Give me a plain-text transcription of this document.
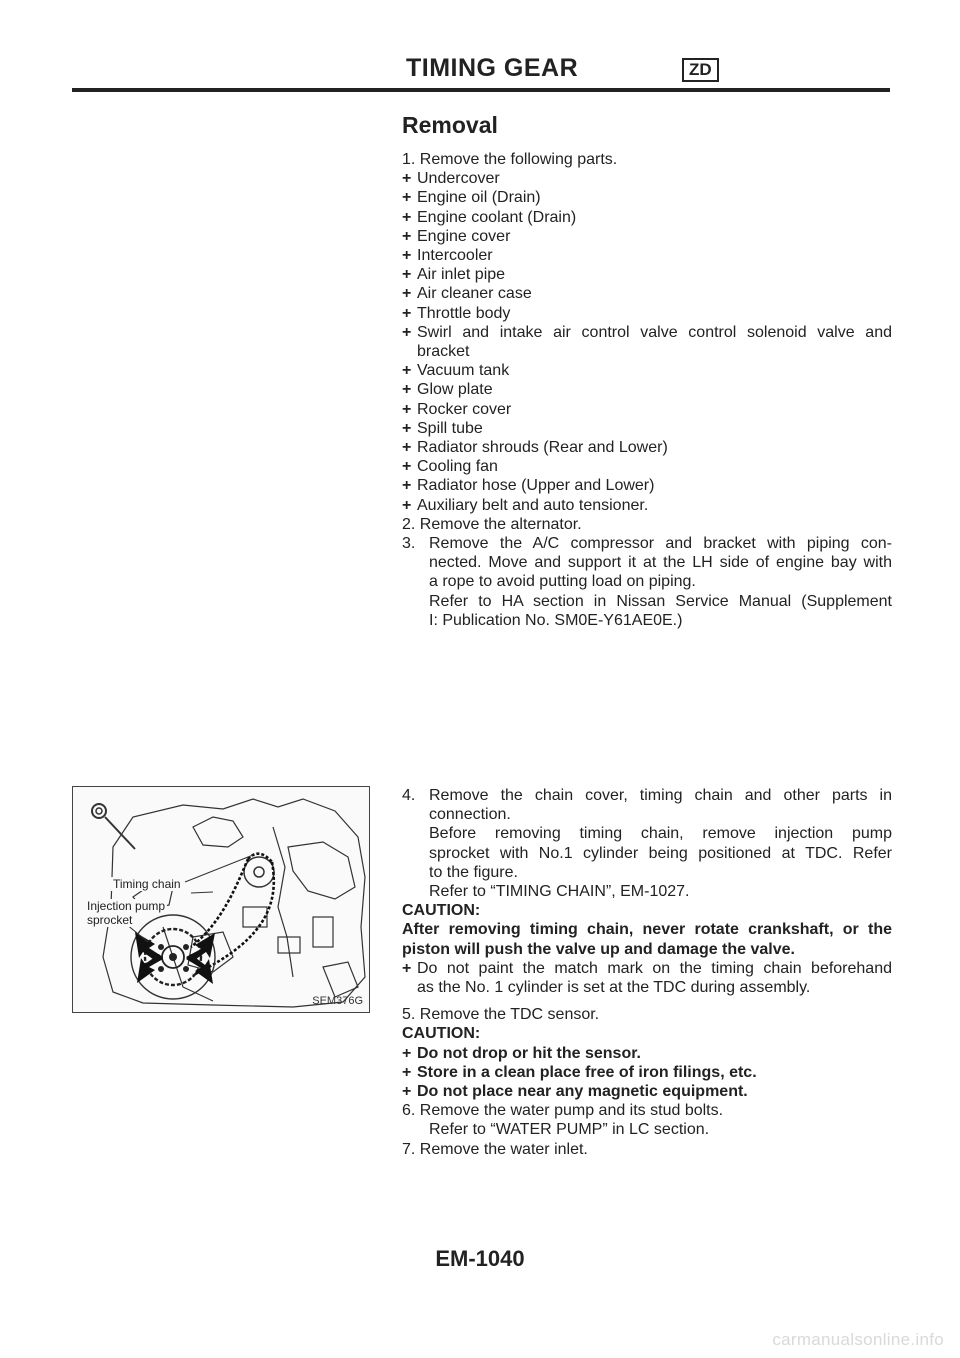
TIMING GEAR	ZD
Removal
1. Remove the following parts.
+ Undercover
+ Engine oil (Drain)
+ Engine coolant (Drain)
+ Engine cover
+ Intercooler
+ Air inlet pipe
+ Air cleaner case
+ Throttle body
+ Swirl and intake air control valve control solenoid valve and
bracket
+ Vacuum tank
+ Glow plate
+ Rocker cover
+ Spill tube
+ Radiator shrouds (Rear and Lower)
+ Cooling fan
+ Radiator hose (Upper and Lower)
+ Auxiliary belt and auto tensioner.
2. Remove the alternator.
3. Remove the A/C compressor and bracket with piping con-
nected. Move and support it at the LH side of engine bay with
a rope to avoid putting load on piping.
Refer to HA section in Nissan Service Manual (Supplement
I: Publication No. SM0E-Y61AE0E.)
Timing chain
Injection pump
sprocket
SEM376G
4. Remove the chain cover, timing chain and other parts in
connection.
Before removing timing chain, remove injection pump
sprocket with No.1 cylinder being positioned at TDC. Refer
to the figure.
Refer to “TIMING CHAIN”, EM-1027.
CAUTION:
After removing timing chain, never rotate crankshaft, or the
piston will push the valve up and damage the valve.
+ Do not paint the match mark on the timing chain beforehand
as the No. 1 cylinder is set at the TDC during assembly.
5. Remove the TDC sensor.
CAUTION:
+ Do not drop or hit the sensor.
+ Store in a clean place free of iron filings, etc.
+ Do not place near any magnetic equipment.
6. Remove the water pump and its stud bolts.
Refer to “WATER PUMP” in LC section.
7. Remove the water inlet.
EM-1040
carmanualsonline.info
